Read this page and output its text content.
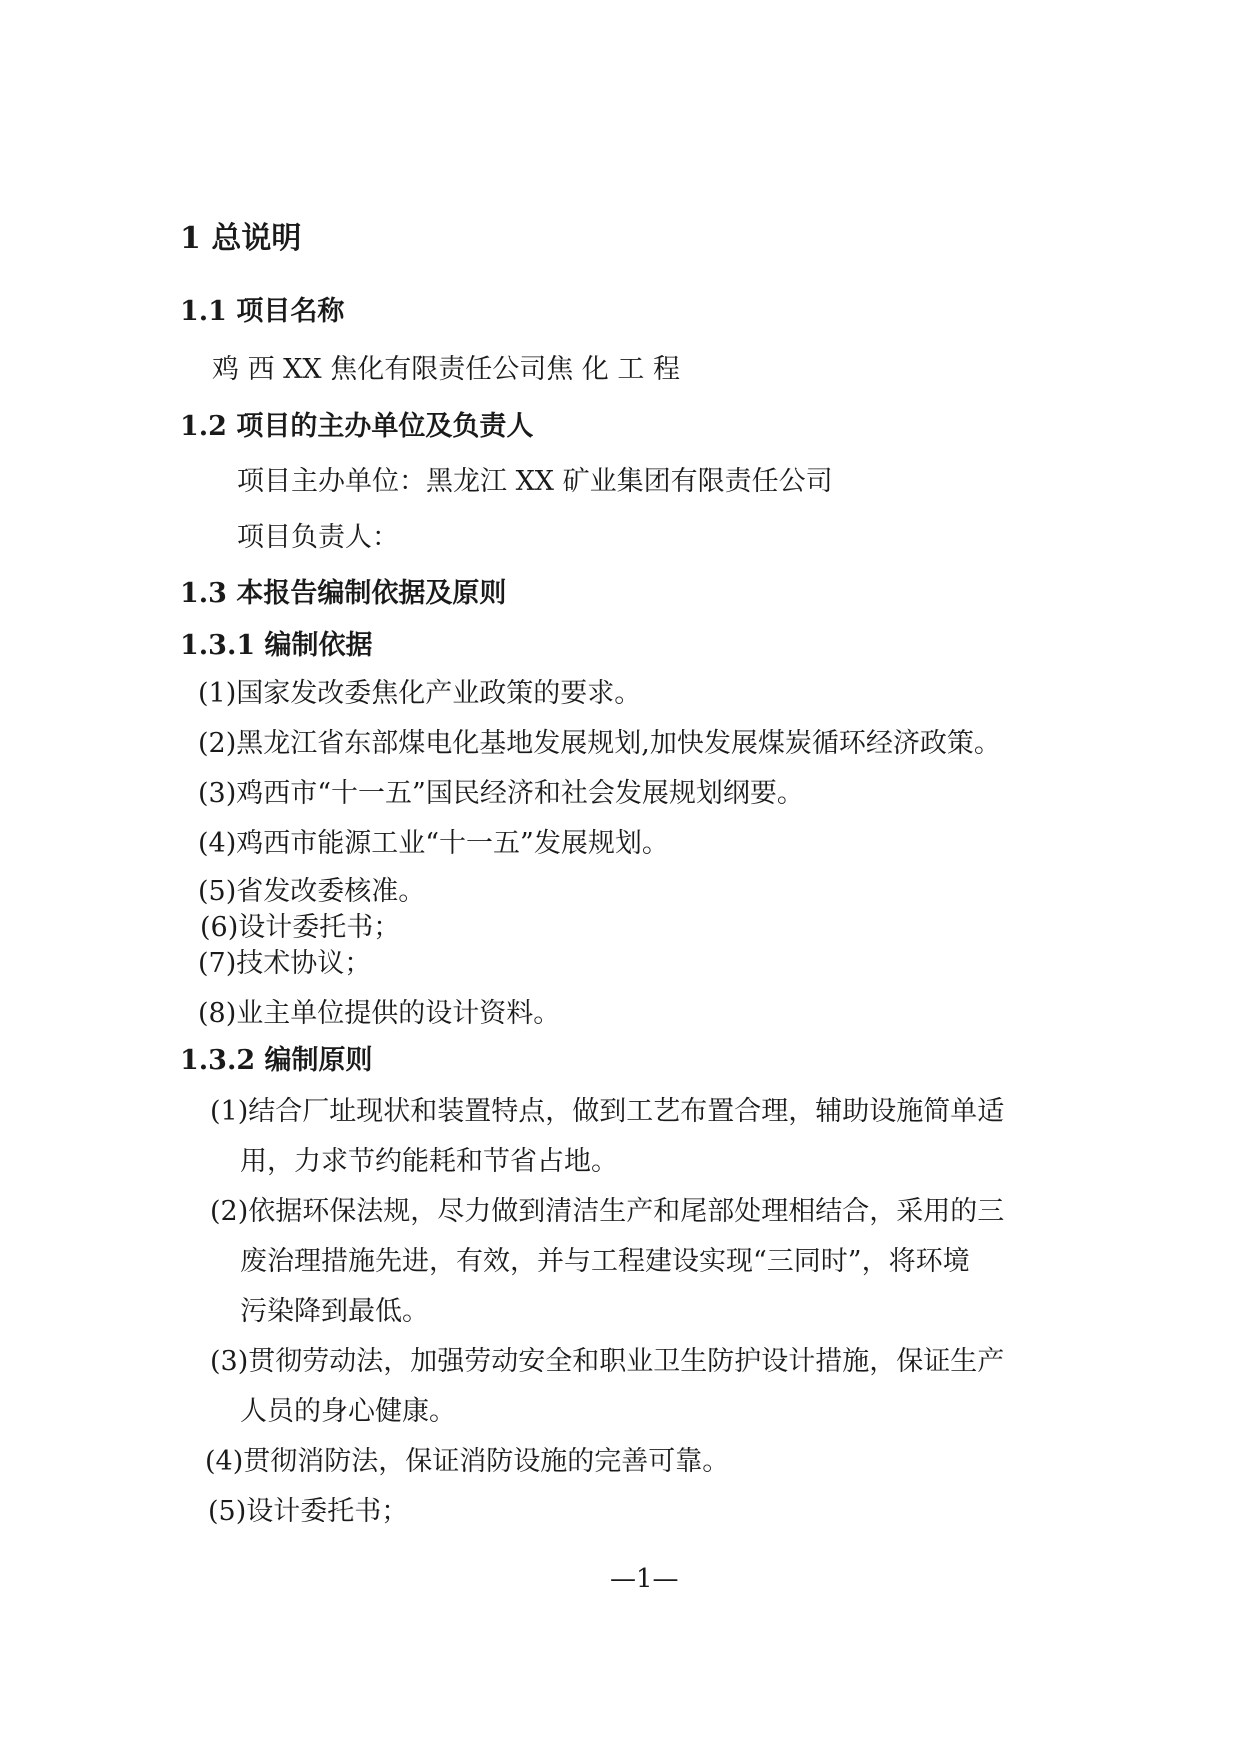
1 总说明
1.1 项目名称
鸡 西 XX 焦化有限责任公司焦 化 工 程
1.2 项目的主办单位及负责人
项目主办单位：黑龙江 XX 矿业集团有限责任公司
项目负责人：
1.3 本报告编制依据及原则
1.3.1 编制依据
(1)国家发改委焦化产业政策的要求。
(2)黑龙江省东部煤电化基地发展规划,加快发展煤炭循环经济政策。
(3)鸡西市“十一五”国民经济和社会发展规划纲要。
(4)鸡西市能源工业“十一五”发展规划。
(5)省发改委核准。
(6)设计委托书；
(7)技术协议；
(8)业主单位提供的设计资料。
1.3.2 编制原则
(1)结合厂址现状和装置特点，做到工艺布置合理，辅助设施简单适
用，力求节约能耗和节省占地。
(2)依据环保法规，尽力做到清洁生产和尾部处理相结合，采用的三
废治理措施先进，有效，并与工程建设实现“三同时”，将环境
污染降到最低。
(3)贯彻劳动法，加强劳动安全和职业卫生防护设计措施，保证生产
人员的身心健康。
(4)贯彻消防法，保证消防设施的完善可靠。
(5)设计委托书；
—1—
